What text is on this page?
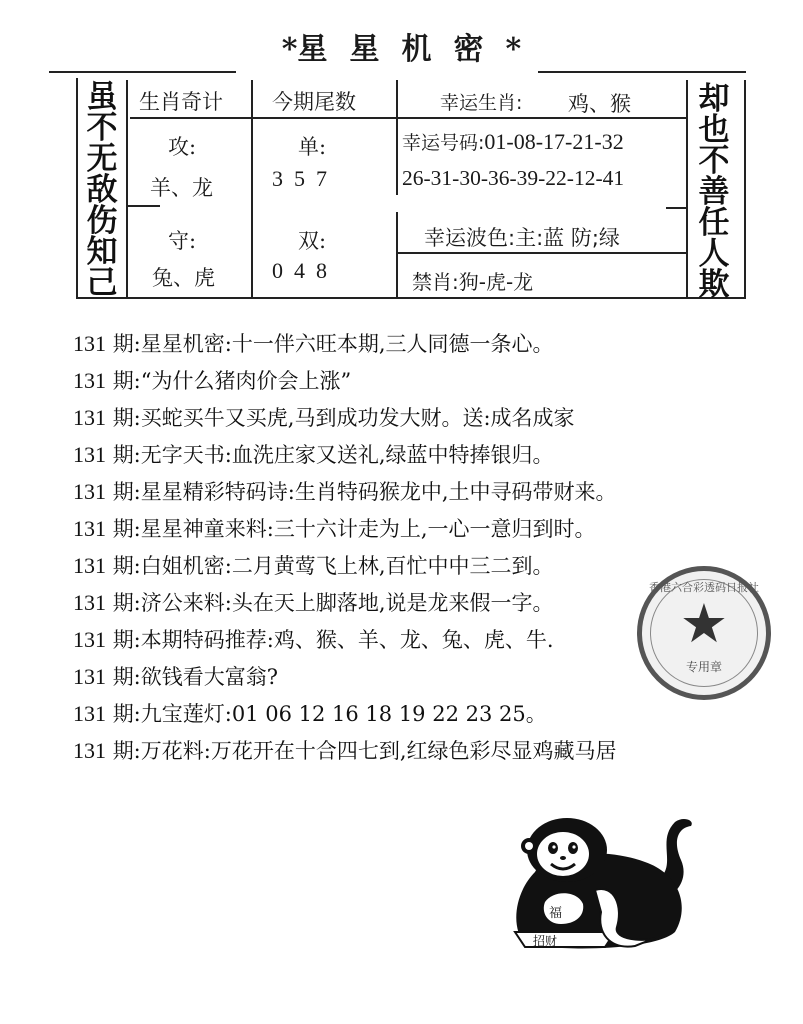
*星星机密*
虽
不
无
敌
伤
知
己
却
也
不
善
任
人
欺
生肖奇计 今期尾数	幸运生肖: 鸡、猴
攻:
羊、龙
守:
兔、虎
单:
3  5  7
双:
0  4  8
幸运号码:01-08-17-21-32
26-31-30-36-39-22-12-41
幸运波色:主:蓝 防;绿
禁肖:狗-虎-龙
131 期:星星机密:十一伴六旺本期,三人同德一条心。
131 期:“为什么猪肉价会上涨”
131 期:买蛇买牛又买虎,马到成功发大财。送:成名成家
131 期:无字天书:血洗庄家又送礼,绿蓝中特捧银归。
131 期:星星精彩特码诗:生肖特码猴龙中,土中寻码带财来。
131 期:星星神童来料:三十六计走为上,一心一意归到时。
131 期:白姐机密:二月黄莺飞上林,百忙中中三二到。
131 期:济公来料:头在天上脚落地,说是龙来假一字。
131 期:本期特码推荐:鸡、猴、羊、龙、兔、虎、牛.
131 期:欲钱看大富翁?
131 期:九宝莲灯:01 06 12 16 18 19 22 23 25。
131 期:万花料:万花开在十合四七到,红绿色彩尽显鸡藏马居
香港六合彩透码日报社
★
专用章
福
招财
